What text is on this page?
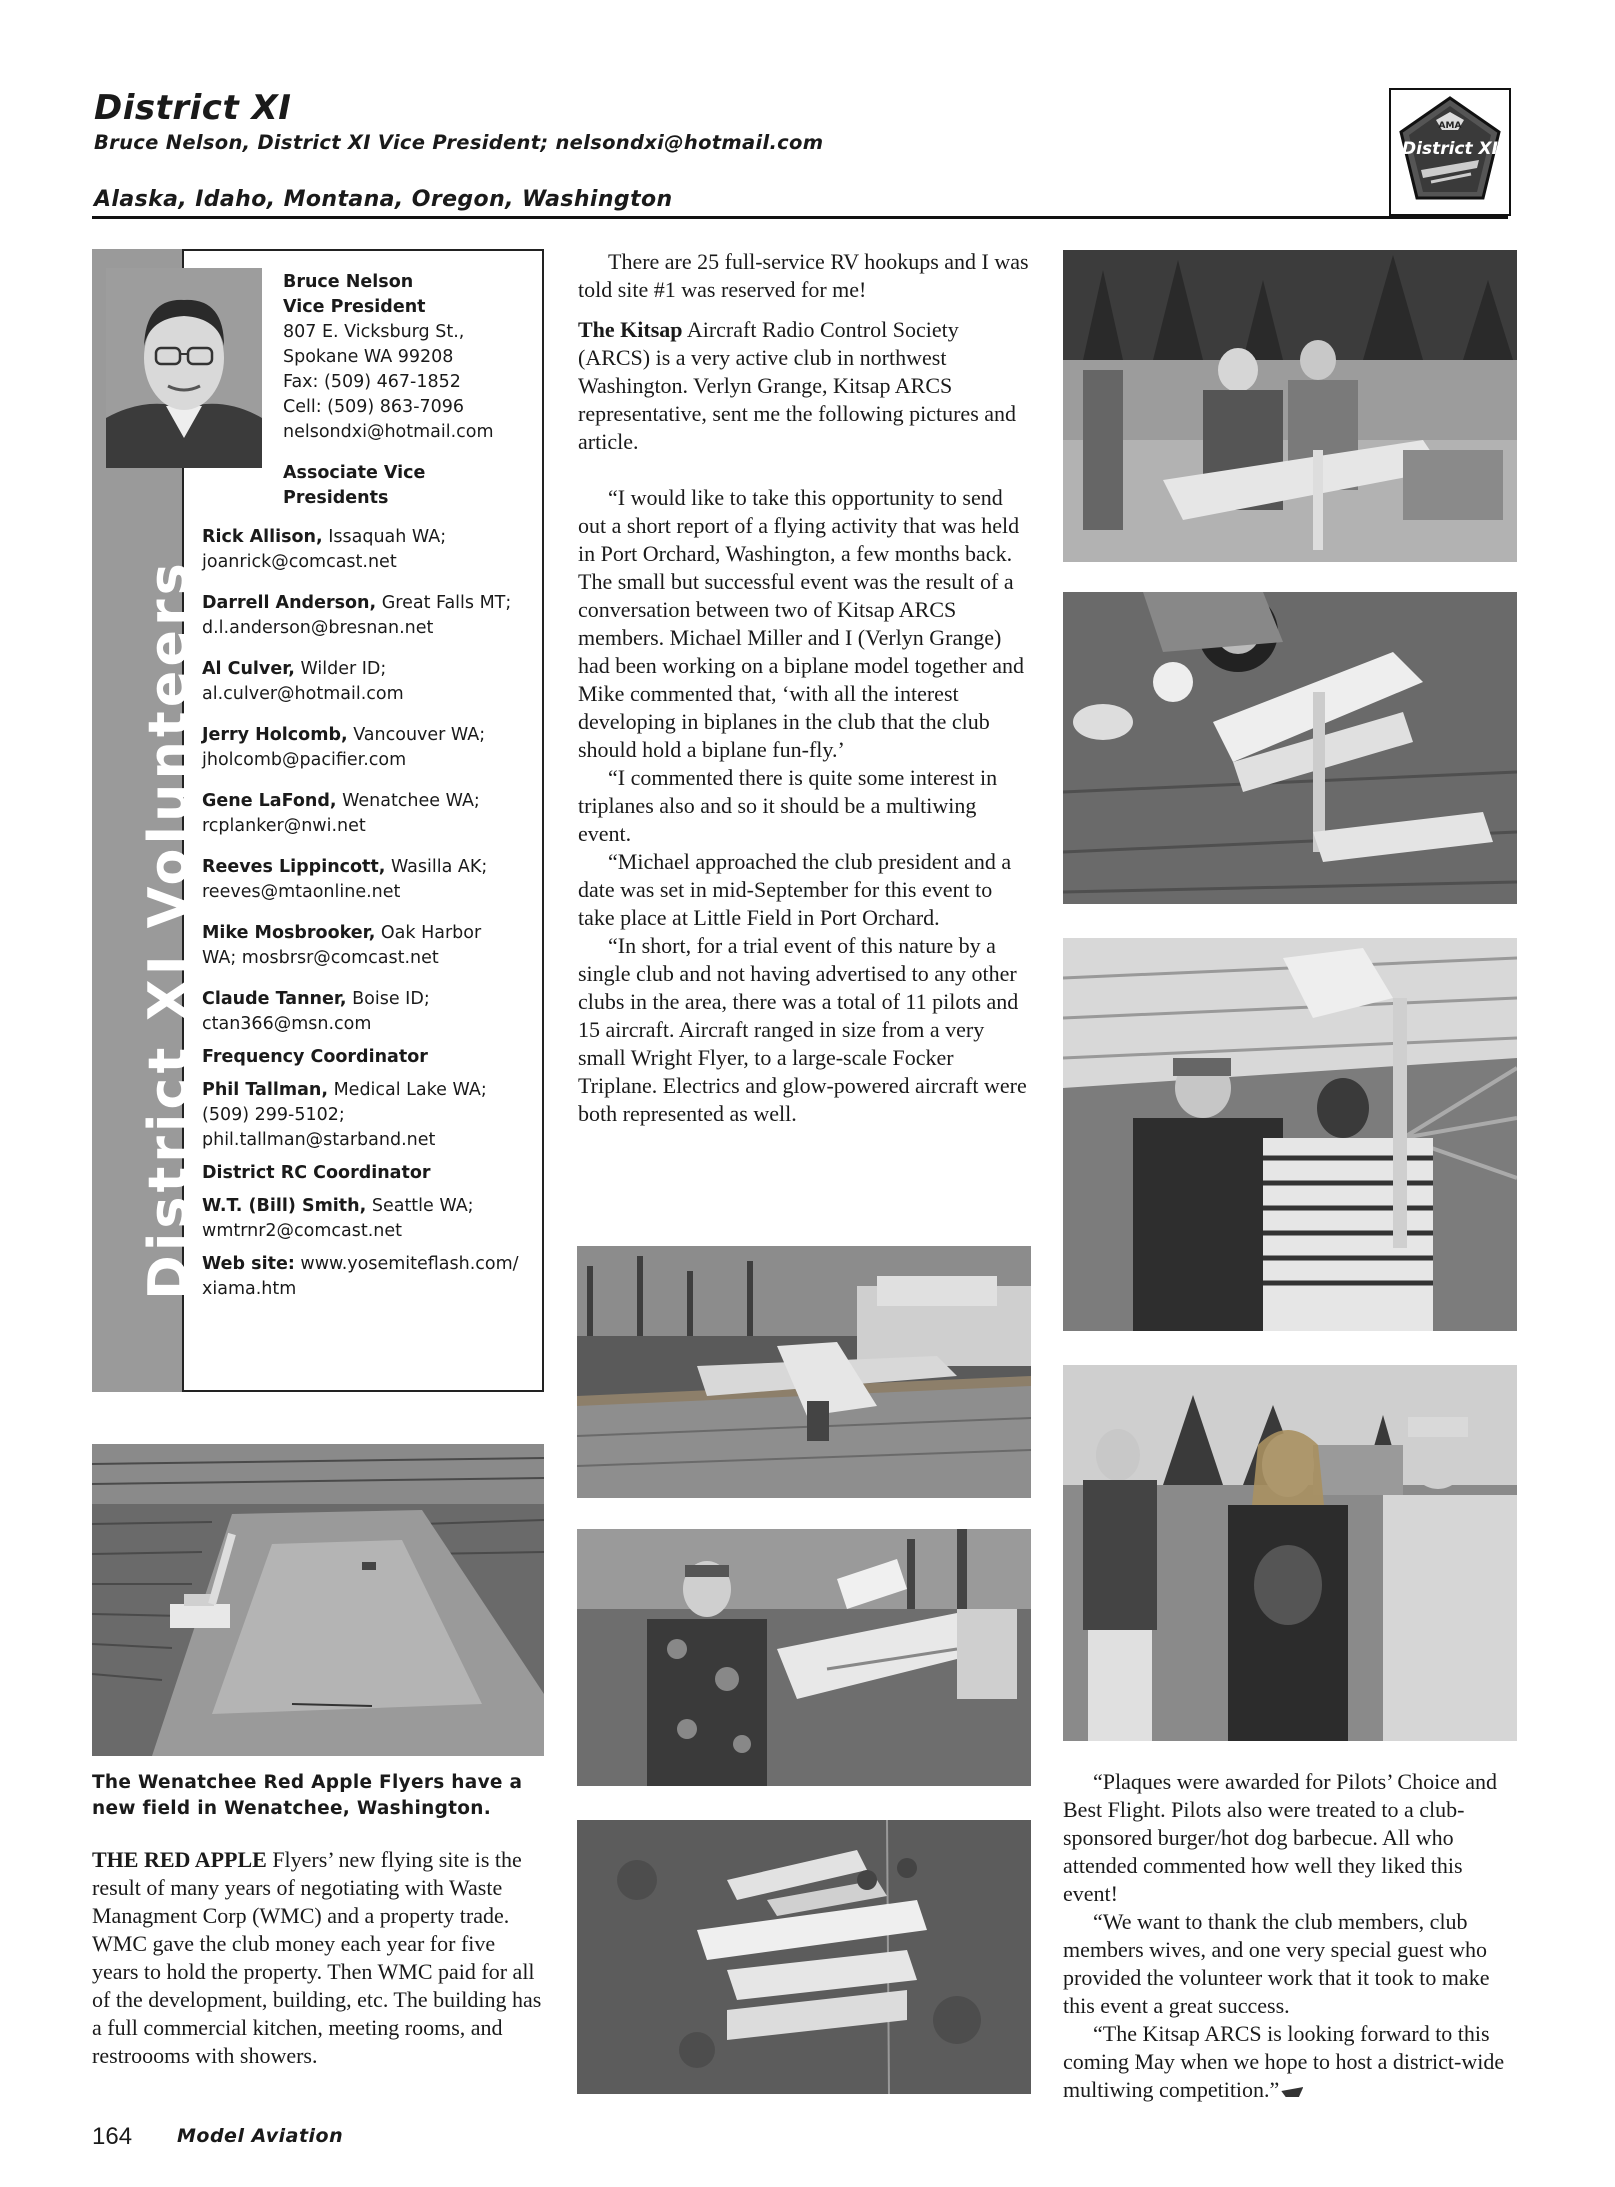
District XI
Bruce Nelson, District XI Vice President; nelsondxi@hotmail.com
Alaska, Idaho, Montana, Oregon, Washington
AMA
District XI
District XI Volunteers
Bruce Nelson
Vice President
807 E. Vicksburg St.,
Spokane WA 99208
Fax: (509) 467-1852
Cell: (509) 863-7096
nelsondxi@hotmail.com
Associate Vice
Presidents
Rick Allison, Issaquah WA;
joanrick@comcast.net
Darrell Anderson, Great Falls MT;
d.l.anderson@bresnan.net
Al Culver, Wilder ID;
al.culver@hotmail.com
Jerry Holcomb, Vancouver WA;
jholcomb@pacifier.com
Gene LaFond, Wenatchee WA;
rcplanker@nwi.net
Reeves Lippincott, Wasilla AK;
reeves@mtaonline.net
Mike Mosbrooker, Oak Harbor
WA; mosbrsr@comcast.net
Claude Tanner, Boise ID;
ctan366@msn.com
Frequency Coordinator
Phil Tallman, Medical Lake WA;
(509) 299-5102;
phil.tallman@starband.net
District RC Coordinator
W.T. (Bill) Smith, Seattle WA;
wmtrnr2@comcast.net
Web site: www.yosemiteflash.com/
xiama.htm
The Wenatchee Red Apple Flyers have a new field in Wenatchee, Washington.

THE RED APPLE Flyers’ new flying site is the result of many years of negotiating with Waste Managment Corp (WMC) and a property trade. WMC gave the club money each year for five years to hold the property. Then WMC paid for all of the development, building, etc. The building has a full commercial kitchen, meeting rooms, and restroooms with showers.

There are 25 full-service RV hookups and I was told site #1 was reserved for me!

The Kitsap Aircraft Radio Control Society (ARCS) is a very active club in northwest Washington. Verlyn Grange, Kitsap ARCS representative, sent me the following pictures and article.

“I would like to take this opportunity to send out a short report of a flying activity that was held in Port Orchard, Washington, a few months back. The small but successful event was the result of a conversation between two of Kitsap ARCS members. Michael Miller and I (Verlyn Grange) had been working on a biplane model together and Mike commented that, ‘with all the interest developing in biplanes in the club that the club should hold a biplane fun-fly.’

“I commented there is quite some interest in triplanes also and so it should be a multiwing event.

“Michael approached the club president and a date was set in mid-September for this event to take place at Little Field in Port Orchard.

“In short, for a trial event of this nature by a single club and not having advertised to any other clubs in the area, there was a total of 11 pilots and 15 aircraft. Aircraft ranged in size from a very small Wright Flyer, to a large-scale Focker Triplane. Electrics and glow-powered aircraft were both represented as well.

“Plaques were awarded for Pilots’ Choice and Best Flight. Pilots also were treated to a club-sponsored burger/hot dog barbecue. All who attended commented how well they liked this event!

“We want to thank the club members, club members wives, and one very special guest who provided the volunteer work that it took to make this event a great success.

“The Kitsap ARCS is looking forward to this coming May when we hope to host a district-wide multiwing competition.”

164 Model Aviation
